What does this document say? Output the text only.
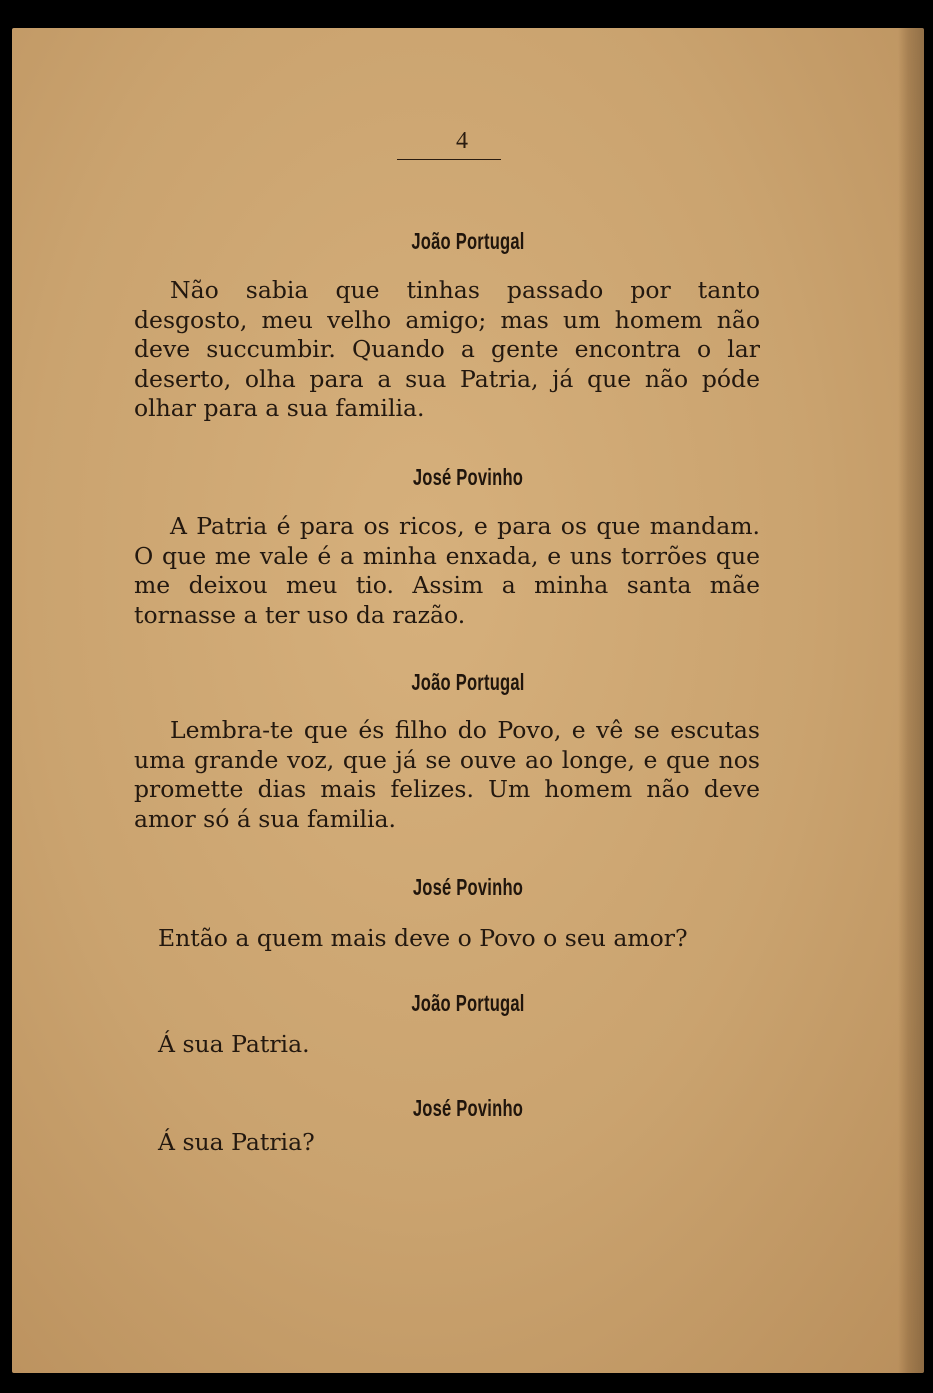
4
João Portugal

Não sabia que tinhas passado por tanto desgosto, meu velho amigo; mas um homem não deve succumbir. Quando a gente encontra o lar deserto, olha para a sua Patria, já que não póde olhar para a sua familia.

José Povinho

A Patria é para os ricos, e para os que mandam. O que me vale é a minha enxada, e uns torrões que me deixou meu tio. Assim a minha santa mãe tornasse a ter uso da razão.

João Portugal

Lembra-te que és filho do Povo, e vê se escutas uma grande voz, que já se ouve ao longe, e que nos promette dias mais felizes. Um homem não deve amor só á sua familia.

José Povinho

Então a quem mais deve o Povo o seu amor?

João Portugal

Á sua Patria.

José Povinho

Á sua Patria?
